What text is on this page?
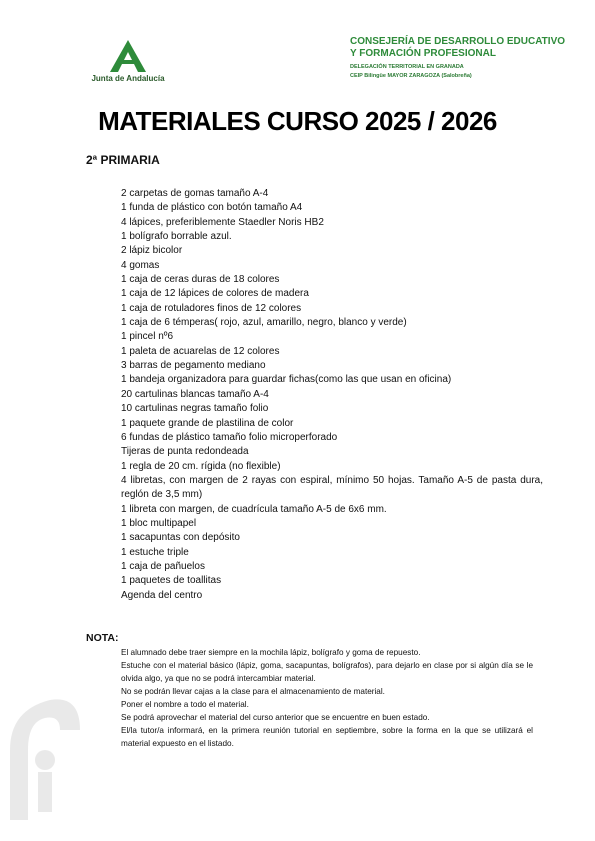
Junta de Andalucía
CONSEJERÍA DE DESARROLLO EDUCATIVO
Y FORMACIÓN PROFESIONAL
DELEGACIÓN TERRITORIAL EN GRANADA
CEIP Bilingüe MAYOR ZARAGOZA (Salobreña)
MATERIALES CURSO 2025 / 2026
2ª PRIMARIA
2 carpetas de gomas tamaño A-4
1 funda de plástico con botón tamaño A4
4 lápices, preferiblemente Staedler Noris HB2
1 bolígrafo borrable azul.
2 lápiz bicolor
4 gomas
1 caja de ceras duras de 18 colores
1 caja de 12 lápices de colores de madera
1 caja de rotuladores finos de 12 colores
1 caja de 6 témperas( rojo, azul, amarillo, negro, blanco y verde)
1 pincel nº6
1 paleta de acuarelas de 12 colores
3 barras de pegamento mediano
1 bandeja organizadora para guardar fichas(como las que usan en oficina)
20 cartulinas blancas tamaño A-4
10 cartulinas negras tamaño folio
1 paquete grande de plastilina de color
6 fundas de plástico tamaño folio microperforado
Tijeras de punta redondeada
1 regla de 20 cm. rígida (no flexible)
4 libretas, con margen de 2 rayas con espiral, mínimo 50 hojas. Tamaño A-5 de pasta dura, reglón de 3,5 mm)
1 libreta con margen, de cuadrícula tamaño A-5 de 6x6 mm.
1 bloc multipapel
1 sacapuntas con depósito
1 estuche triple
1 caja de pañuelos
1 paquetes de toallitas
Agenda del centro

NOTA:
El alumnado debe traer siempre en la mochila lápiz, bolígrafo y goma de repuesto.
Estuche con el material básico (lápiz, goma, sacapuntas, bolígrafos), para dejarlo en clase por si algún día se le olvida algo, ya que no se podrá intercambiar material.
No se podrán llevar cajas a la clase para el almacenamiento de material.
Poner el nombre a todo el material.
Se podrá aprovechar el material del curso anterior que se encuentre en buen estado.
El/la tutor/a informará, en la primera reunión tutorial en septiembre, sobre la forma en la que se utilizará el material expuesto en el listado.
